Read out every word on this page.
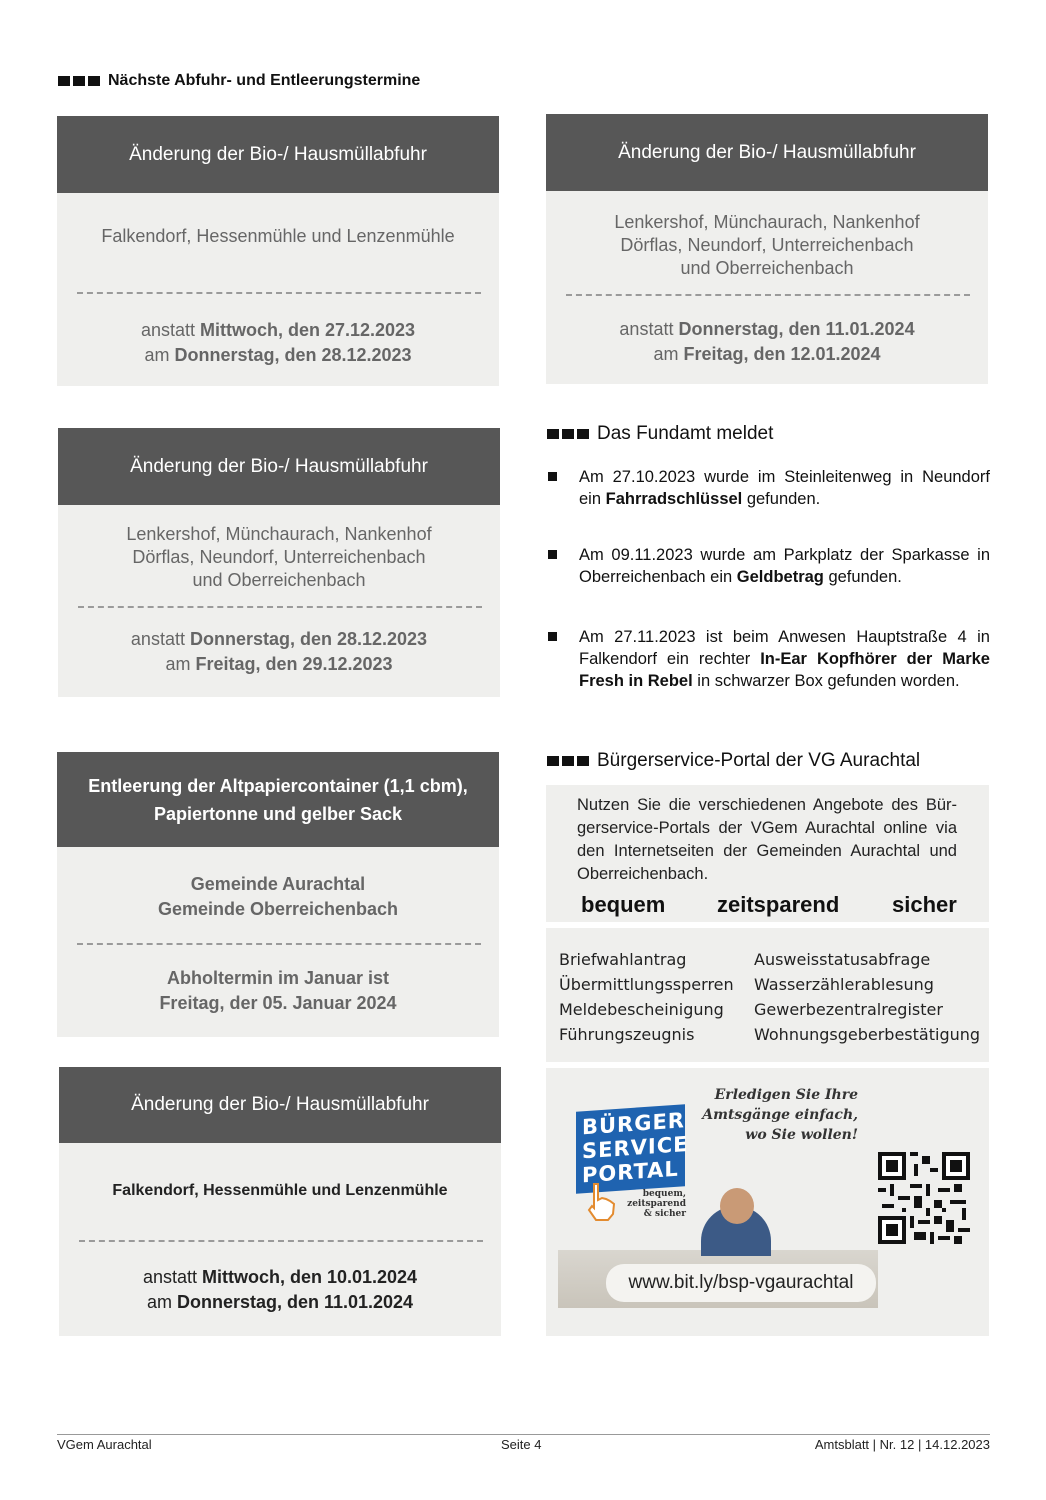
Nächste Abfuhr- und Entleerungstermine
Änderung der Bio-/ Hausmüllabfuhr
Falkendorf, Hessenmühle und Lenzenmühle
anstatt Mittwoch, den 27.12.2023
am Donnerstag, den 28.12.2023
Änderung der Bio-/ Hausmüllabfuhr
Lenkershof, Münchaurach, Nankenhof
Dörflas, Neundorf, Unterreichenbach
und Oberreichenbach
anstatt Donnerstag, den 11.01.2024
am Freitag, den 12.01.2024
Änderung der Bio-/ Hausmüllabfuhr
Lenkershof, Münchaurach, Nankenhof
Dörflas, Neundorf, Unterreichenbach
und Oberreichenbach
anstatt Donnerstag, den 28.12.2023
am Freitag, den 29.12.2023
Entleerung der Altpapiercontainer (1,1 cbm),
Papiertonne und gelber Sack
Gemeinde Aurachtal
Gemeinde Oberreichenbach
Abholtermin im Januar ist
Freitag, der 05. Januar 2024
Änderung der Bio-/ Hausmüllabfuhr
Falkendorf, Hessenmühle und Lenzenmühle
anstatt Mittwoch, den 10.01.2024
am Donnerstag, den 11.01.2024
Das Fundamt meldet
Am 27.10.2023 wurde im Steinleitenweg in Neundorf ein Fahrradschlüssel gefunden.
Am 09.11.2023 wurde am Parkplatz der Sparkasse in Oberreichenbach ein Geldbetrag gefunden.
Am 27.11.2023 ist beim Anwesen Hauptstraße 4 in Falkendorf ein rechter In-Ear Kopfhörer der Marke Fresh in Rebel in schwarzer Box gefunden worden.
Bürgerservice-Portal der VG Aurachtal
Nutzen Sie die verschiedenen Angebote des Bür-gerservice-Portals der VGem Aurachtal online via den Internetseiten der Gemeinden Aurachtal und Oberreichenbach.
bequem zeitsparend sicher
Briefwahlantrag
Übermittlungssperren
Meldebescheinigung
Führungszeugnis
Ausweisstatusabfrage
Wasserzählerablesung
Gewerbezentralregister
Wohnungsgeberbestätigung
Erledigen Sie Ihre
Amtsgänge einfach,
wo Sie wollen!
BÜRGER
SERVICE
PORTAL
bequem,
zeitsparend
& sicher
www.bit.ly/bsp-vgaurachtal
VGem Aurachtal	Seite 4	Amtsblatt | Nr. 12 | 14.12.2023
